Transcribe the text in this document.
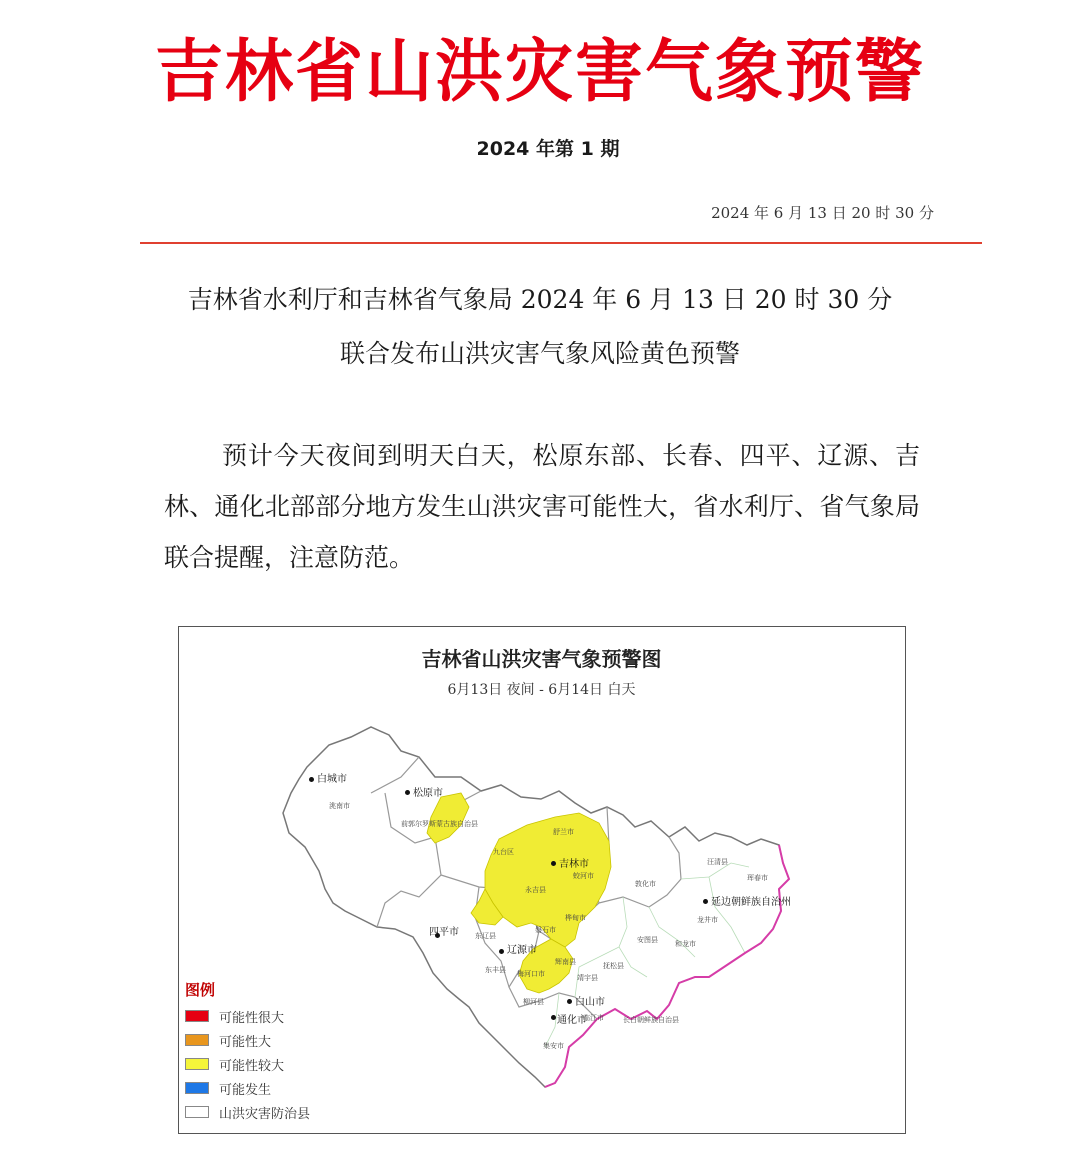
吉林省山洪灾害气象预警
2024 年第 1 期
2024 年 6 月 13 日 20 时 30 分
吉林省水利厅和吉林省气象局 2024 年 6 月 13 日 20 时 30 分
联合发布山洪灾害气象风险黄色预警

预计今天夜间到明天白天，松原东部、长春、四平、辽源、吉林、通化北部部分地方发生山洪灾害可能性大，省水利厅、省气象局联合提醒，注意防范。

吉林省山洪灾害气象预警图
6月13日 夜间 - 6月14日 白天
白城市
洮南市
松原市
前郭尔罗斯蒙古族自治县
吉林市
舒兰市
九台区
蛟河市
永吉县
桦甸市
磐石市
四平市
辽源市
东丰县
东辽县
梅河口市
柳河县
辉南县
靖宇县
抚松县
白山市
临江市	长白朝鲜族自治县
通化市
集安市
敦化市
安图县
汪清县
珲春市
和龙市
龙井市
延边朝鲜族自治州
图例
可能性很大
可能性大
可能性较大
可能发生
山洪灾害防治县
